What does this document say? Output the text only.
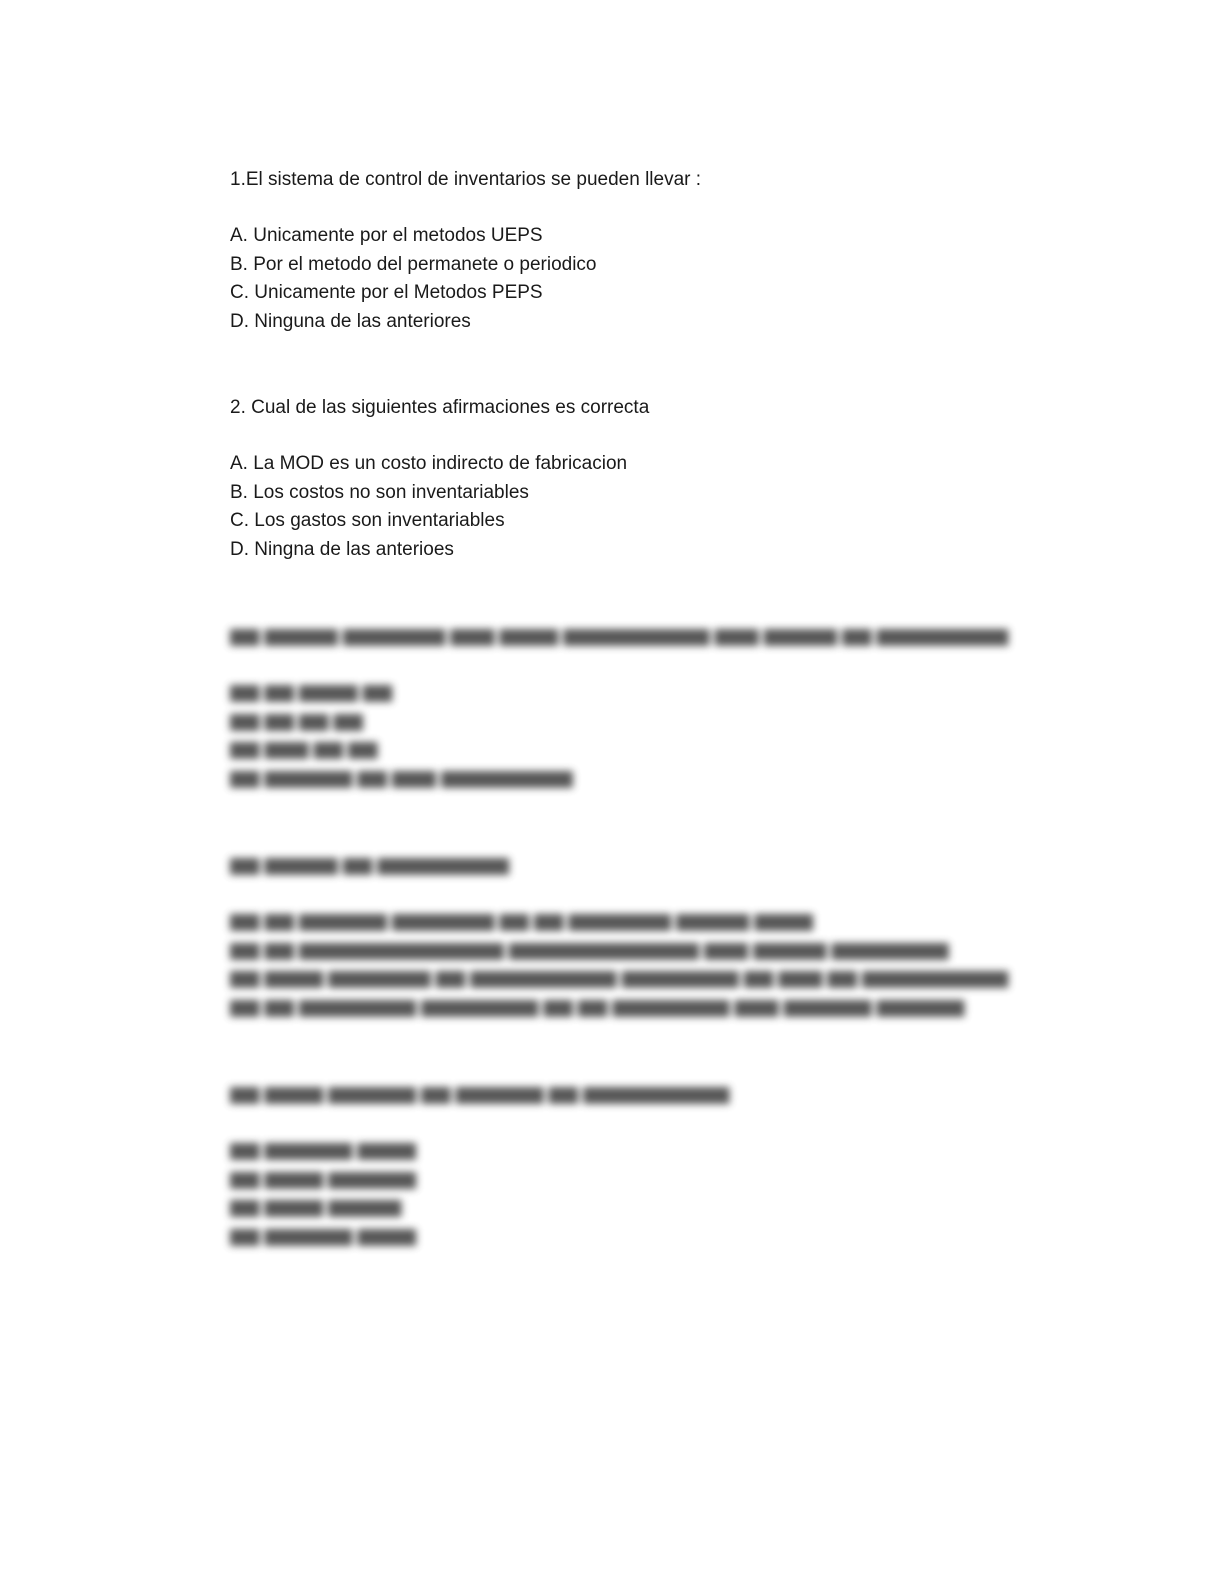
1.El sistema de control de inventarios se pueden llevar :

A. Unicamente por el metodos UEPS

B. Por el metodo del permanete o periodico

C. Unicamente por el Metodos PEPS

D. Ninguna de las anteriores

2. Cual de las siguientes afirmaciones es correcta

A. La MOD es un costo indirecto de fabricacion

B. Los costos no son inventariables

C. Los gastos son inventariables

D. Ningna de las anterioes

▆▆ ▆▆▆▆▆ ▆▆▆▆▆▆▆ ▆▆▆ ▆▆▆▆ ▆▆▆▆▆▆▆▆▆▆ ▆▆▆ ▆▆▆▆▆ ▆▆ ▆▆▆▆▆▆▆▆▆

▆▆ ▆▆ ▆▆▆▆ ▆▆

▆▆ ▆▆ ▆▆ ▆▆

▆▆ ▆▆▆ ▆▆ ▆▆

▆▆ ▆▆▆▆▆▆ ▆▆ ▆▆▆ ▆▆▆▆▆▆▆▆▆

▆▆ ▆▆▆▆▆ ▆▆ ▆▆▆▆▆▆▆▆▆

▆▆ ▆▆ ▆▆▆▆▆▆ ▆▆▆▆▆▆▆ ▆▆ ▆▆ ▆▆▆▆▆▆▆ ▆▆▆▆▆ ▆▆▆▆

▆▆ ▆▆ ▆▆▆▆▆▆▆▆▆▆▆▆▆▆ ▆▆▆▆▆▆▆▆▆▆▆▆▆ ▆▆▆ ▆▆▆▆▆ ▆▆▆▆▆▆▆▆

▆▆ ▆▆▆▆ ▆▆▆▆▆▆▆ ▆▆ ▆▆▆▆▆▆▆▆▆▆ ▆▆▆▆▆▆▆▆ ▆▆ ▆▆▆ ▆▆ ▆▆▆▆▆▆▆▆▆▆

▆▆ ▆▆ ▆▆▆▆▆▆▆▆ ▆▆▆▆▆▆▆▆ ▆▆ ▆▆ ▆▆▆▆▆▆▆▆ ▆▆▆ ▆▆▆▆▆▆ ▆▆▆▆▆▆

▆▆ ▆▆▆▆ ▆▆▆▆▆▆ ▆▆ ▆▆▆▆▆▆ ▆▆ ▆▆▆▆▆▆▆▆▆▆

▆▆ ▆▆▆▆▆▆ ▆▆▆▆

▆▆ ▆▆▆▆ ▆▆▆▆▆▆

▆▆ ▆▆▆▆ ▆▆▆▆▆

▆▆ ▆▆▆▆▆▆ ▆▆▆▆
